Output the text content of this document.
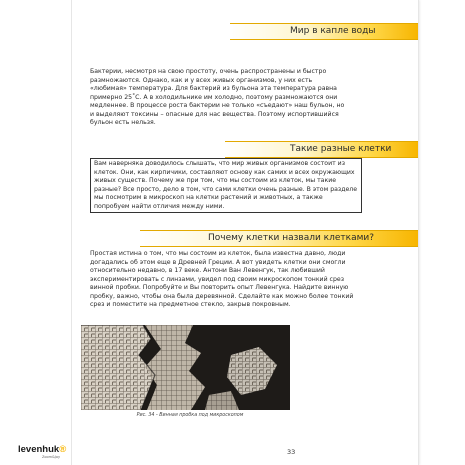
Мир в капле воды

Бактерии, несмотря на свою простоту, очень распространены и быстро размножаются. Однако, как и у всех живых организмов, у них есть «любимая» температура. Для бактерий из бульона эта температура равна примерно 25˚С. А в холодильнике им холодно, поэтому размножаются они медленнее. В процессе роста бактерии не только «съедают» наш бульон, но и выделяют токсины – опасные для нас вещества. Поэтому испортившийся бульон есть нельзя.

Такие разные клетки

Вам наверняка доводилось слышать, что мир живых организмов состоит из клеток. Они, как кирпичики, составляют основу как самих и всех окружающих живых существ. Почему же при том, что мы состоим из клеток, мы такие разные? Все просто, дело в том, что сами клетки очень разные. В этом разделе мы посмотрим в микроскоп на клетки растений и животных, а также попробуем найти отличия между ними.

Почему клетки назвали клетками?

Простая истина о том, что мы состоим из клеток, была известна давно, люди догадались об этом еще в Древней Греции. А вот увидеть клетки они смогли относительно недавно, в 17 веке. Антони Ван Левенгук, так любивший экспериментировать с линзами, увидел под своим микроскопом тонкий срез винной пробки. Попробуйте и Вы повторить опыт Левенгука. Найдите винную пробку, важно, чтобы она была деревянной. Сделайте как можно более тонкий срез и поместите на предметное стекло, закрыв покровным.

Рис. 34 - Винная пробка под микроскопом
levenhuk®
Zoom&Joy
33
